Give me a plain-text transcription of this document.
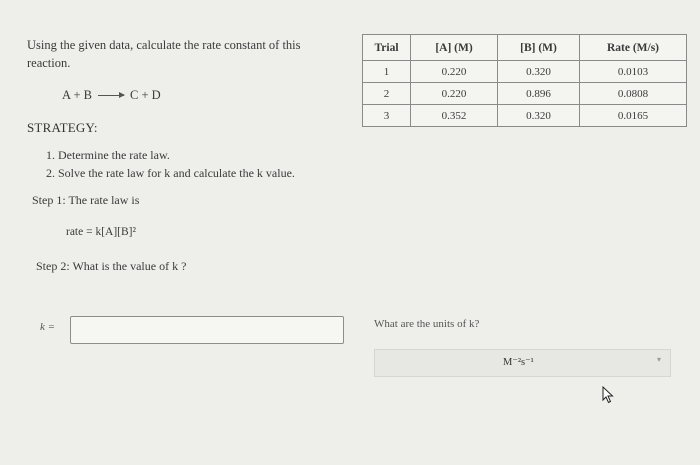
Using the given data, calculate the rate constant of this reaction.
A + B → C + D
STRATEGY:
1. Determine the rate law.
2. Solve the rate law for k and calculate the k value.
Step 1: The rate law is
rate = k[A][B]²
Step 2: What is the value of k ?
k =	What are the units of k?
M⁻²s⁻¹	▾
Trial	[A] (M)	[B] (M)	Rate (M/s)
1	0.220	0.320	0.0103
2	0.220	0.896	0.0808
3	0.352	0.320	0.0165
